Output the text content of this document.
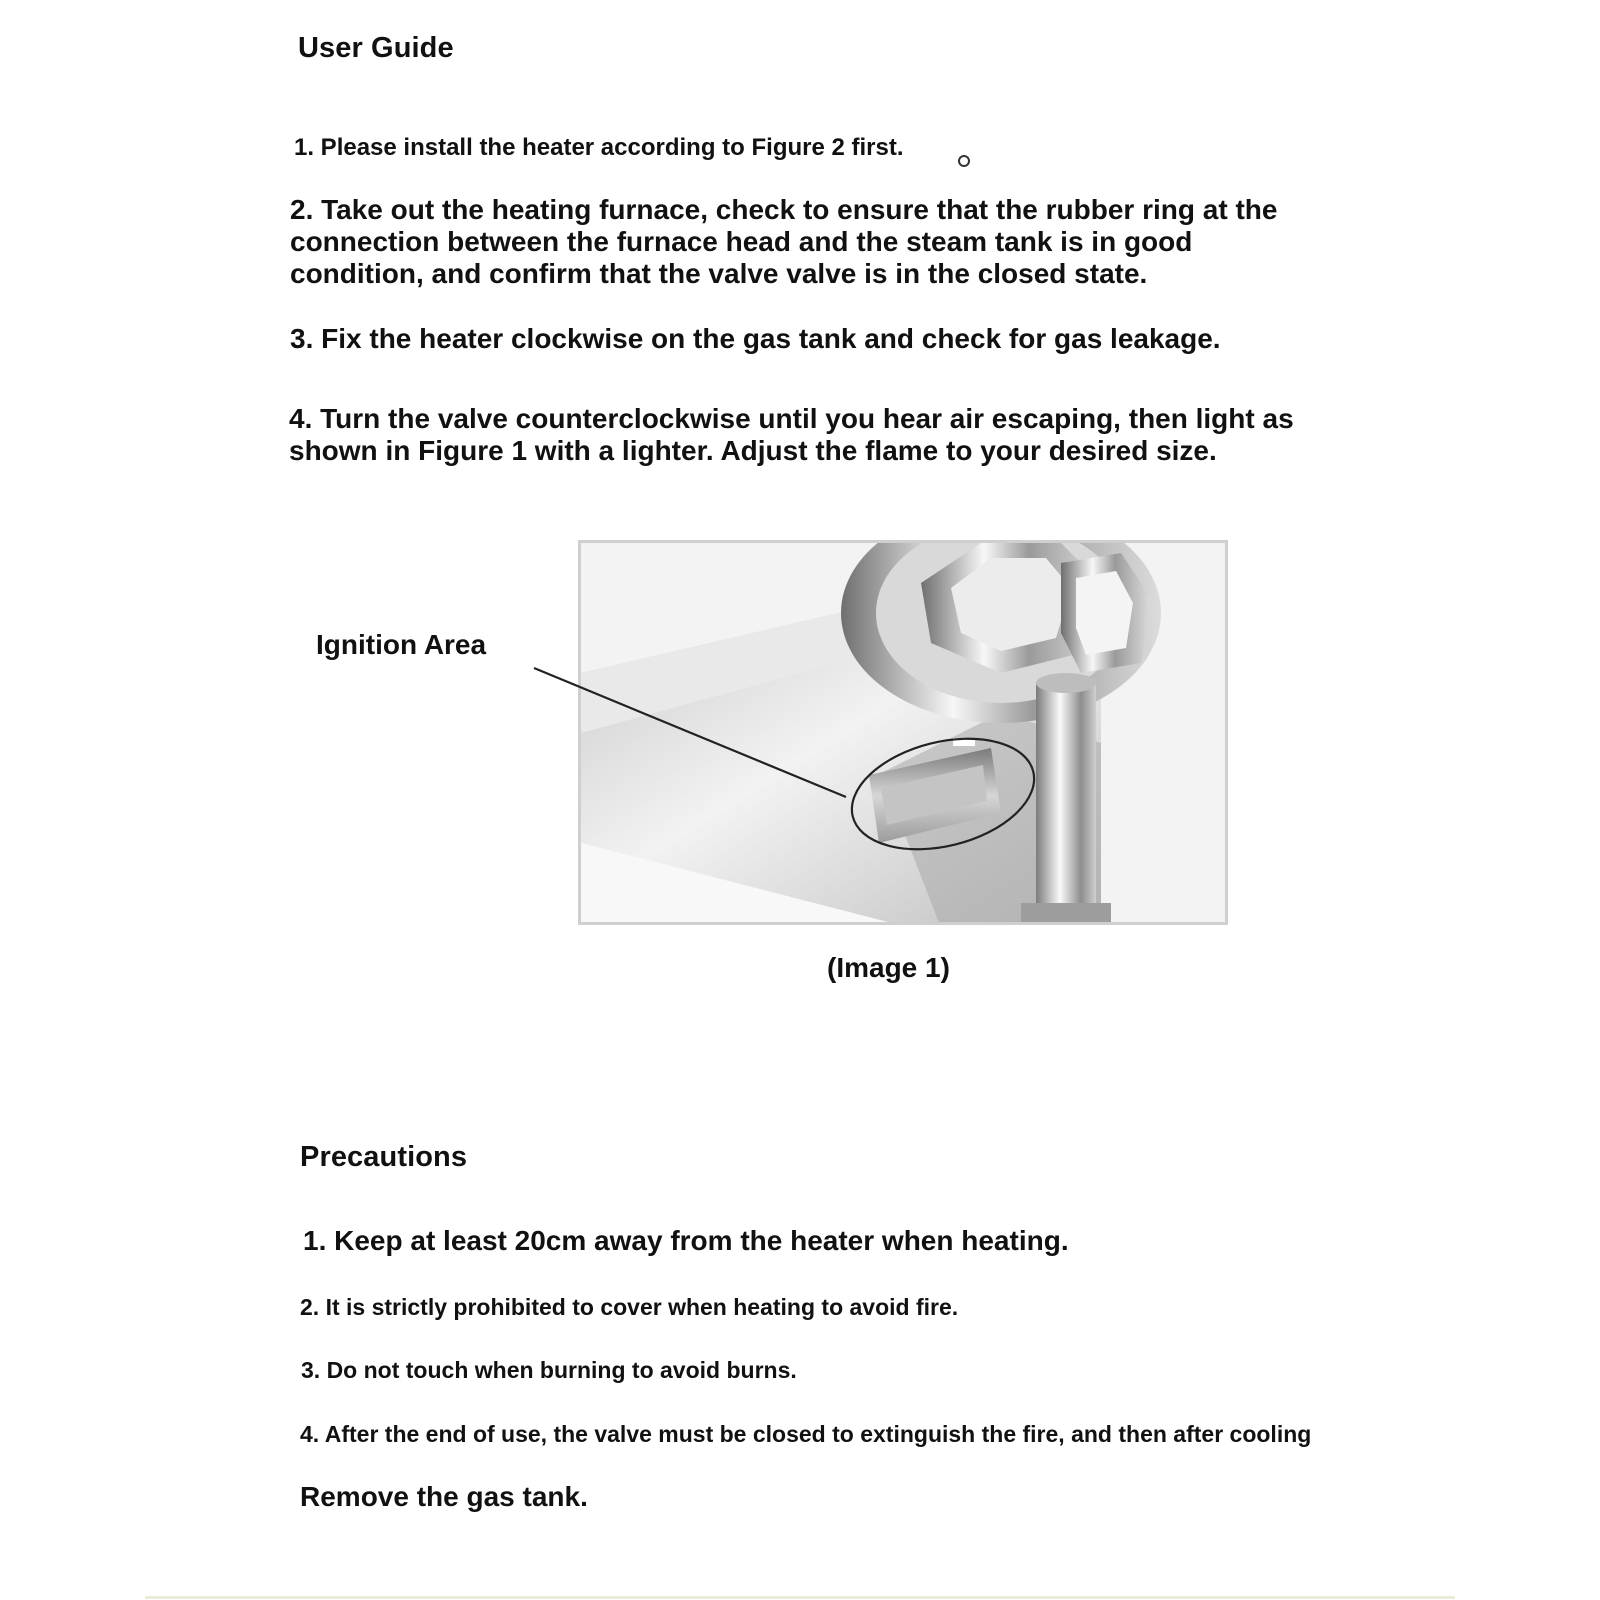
User Guide
1. Please install the heater according to Figure 2 first.
2. Take out the heating furnace, check to ensure that the rubber ring at the connection between the furnace head and the steam tank is in good condition, and confirm that the valve valve is in the closed state.
3. Fix the heater clockwise on the gas tank and check for gas leakage.
4. Turn the valve counterclockwise until you hear air escaping, then light as shown in Figure 1 with a lighter. Adjust the flame to your desired size.
Ignition Area
(Image 1)
Precautions
1. Keep at least 20cm away from the heater when heating.
2. It is strictly prohibited to cover when heating to avoid fire.
3. Do not touch when burning to avoid burns.
4. After the end of use, the valve must be closed to extinguish the fire, and then after cooling
Remove the gas tank.
